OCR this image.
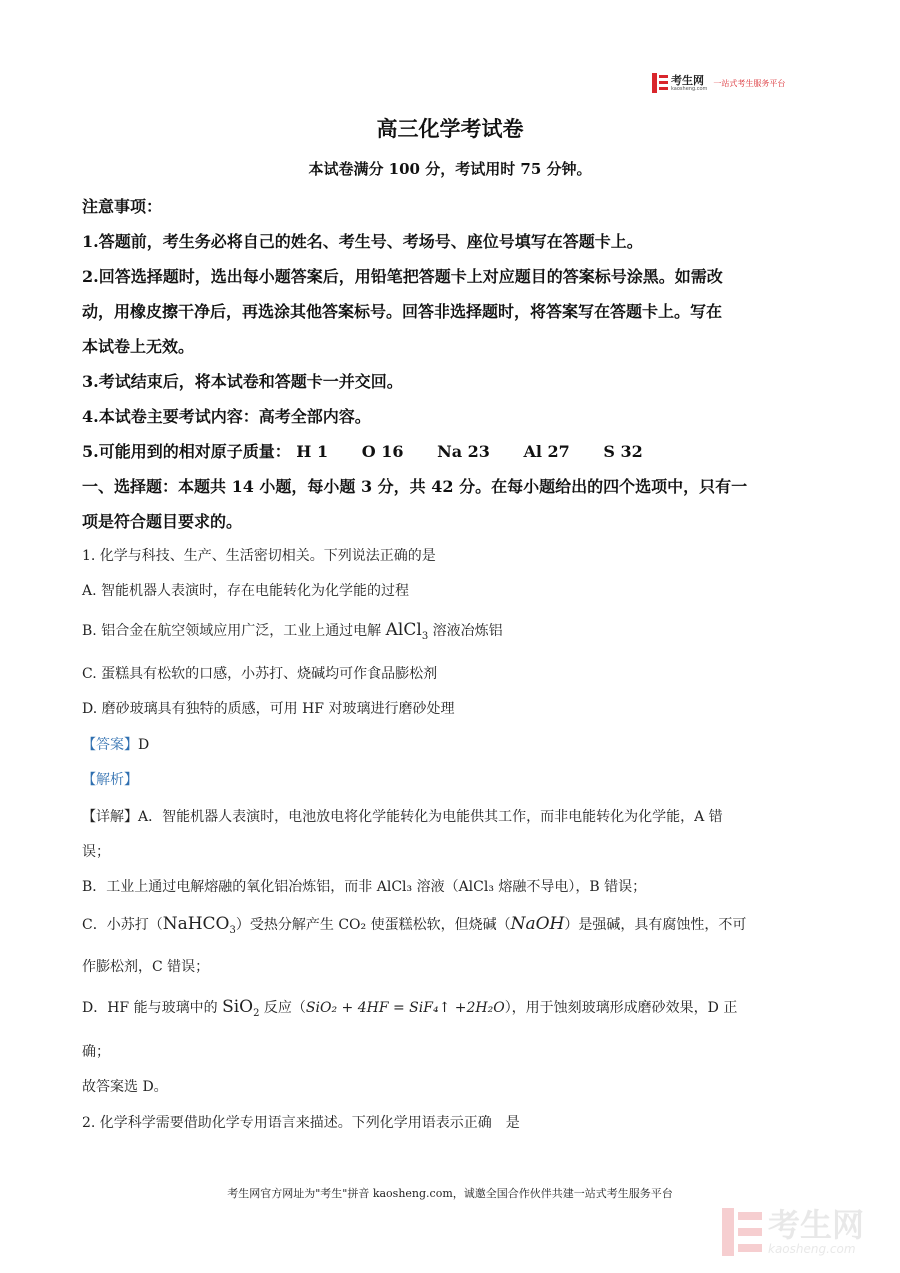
考生网
kaosheng.com
一站式考生服务平台
高三化学考试卷
本试卷满分 100 分，考试用时 75 分钟。
注意事项：
1.答题前，考生务必将自己的姓名、考生号、考场号、座位号填写在答题卡上。
2.回答选择题时，选出每小题答案后，用铅笔把答题卡上对应题目的答案标号涂黑。如需改
动，用橡皮擦干净后，再选涂其他答案标号。回答非选择题时，将答案写在答题卡上。写在
本试卷上无效。
3.考试结束后，将本试卷和答题卡一并交回。
4.本试卷主要考试内容：高考全部内容。
5.可能用到的相对原子质量： H 1 O 16 Na 23 Al 27 S 32
一、选择题：本题共 14 小题，每小题 3 分，共 42 分。在每小题给出的四个选项中，只有一
项是符合题目要求的。
1. 化学与科技、生产、生活密切相关。下列说法正确的是
A. 智能机器人表演时，存在电能转化为化学能的过程
B. 铝合金在航空领域应用广泛，工业上通过电解 AlCl$_3$ 溶液冶炼铝
C. 蛋糕具有松软的口感，小苏打、烧碱均可作食品膨松剂
D. 磨砂玻璃具有独特的质感，可用 HF 对玻璃进行磨砂处理
【答案】D
【解析】
【详解】A．智能机器人表演时，电池放电将化学能转化为电能供其工作，而非电能转化为化学能，A 错
误；
B．工业上通过电解熔融的氧化铝冶炼铝，而非 AlCl₃ 溶液（AlCl₃ 熔融不导电），B 错误；
C．小苏打（NaHCO$_3$）受热分解产生 CO₂ 使蛋糕松软，但烧碱（NaOH）是强碱，具有腐蚀性，不可
作膨松剂，C 错误；
D．HF 能与玻璃中的 SiO$_2$ 反应（SiO₂ + 4HF = SiF₄↑ +2H₂O），用于蚀刻玻璃形成磨砂效果，D 正
确；
故答案选 D。
2. 化学科学需要借助化学专用语言来描述。下列化学用语表示正确　是
考生网官方网址为"考生"拼音 kaosheng.com，诚邀全国合作伙伴共建一站式考生服务平台
考生网
kaosheng.com
